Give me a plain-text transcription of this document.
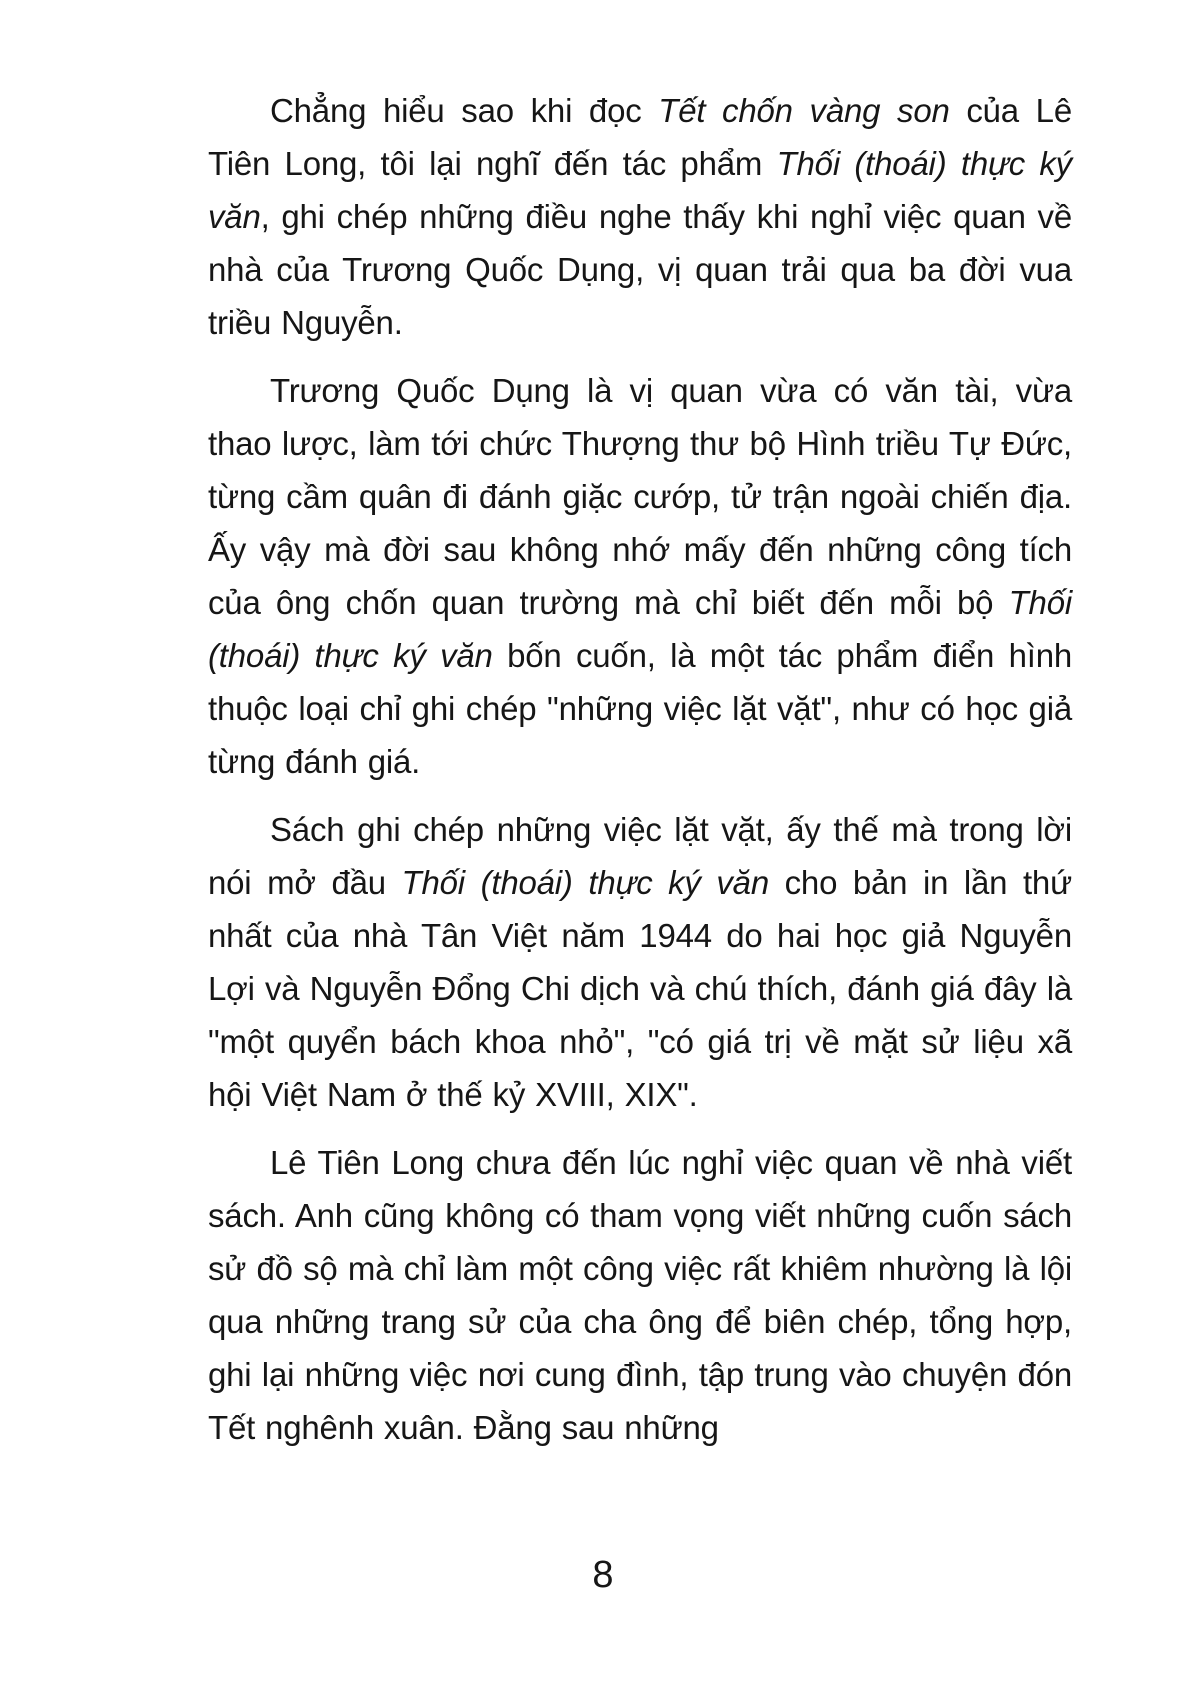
Chẳng hiểu sao khi đọc Tết chốn vàng son của Lê Tiên Long, tôi lại nghĩ đến tác phẩm Thối (thoái) thực ký văn, ghi chép những điều nghe thấy khi nghỉ việc quan về nhà của Trương Quốc Dụng, vị quan trải qua ba đời vua triều Nguyễn.

Trương Quốc Dụng là vị quan vừa có văn tài, vừa thao lược, làm tới chức Thượng thư bộ Hình triều Tự Đức, từng cầm quân đi đánh giặc cướp, tử trận ngoài chiến địa. Ấy vậy mà đời sau không nhớ mấy đến những công tích của ông chốn quan trường mà chỉ biết đến mỗi bộ Thối (thoái) thực ký văn bốn cuốn, là một tác phẩm điển hình thuộc loại chỉ ghi chép "những việc lặt vặt", như có học giả từng đánh giá.

Sách ghi chép những việc lặt vặt, ấy thế mà trong lời nói mở đầu Thối (thoái) thực ký văn cho bản in lần thứ nhất của nhà Tân Việt năm 1944 do hai học giả Nguyễn Lợi và Nguyễn Đổng Chi dịch và chú thích, đánh giá đây là "một quyển bách khoa nhỏ", "có giá trị về mặt sử liệu xã hội Việt Nam ở thế kỷ XVIII, XIX".

Lê Tiên Long chưa đến lúc nghỉ việc quan về nhà viết sách. Anh cũng không có tham vọng viết những cuốn sách sử đồ sộ mà chỉ làm một công việc rất khiêm nhường là lội qua những trang sử của cha ông để biên chép, tổng hợp, ghi lại những việc nơi cung đình, tập trung vào chuyện đón Tết nghênh xuân. Đằng sau những

8
